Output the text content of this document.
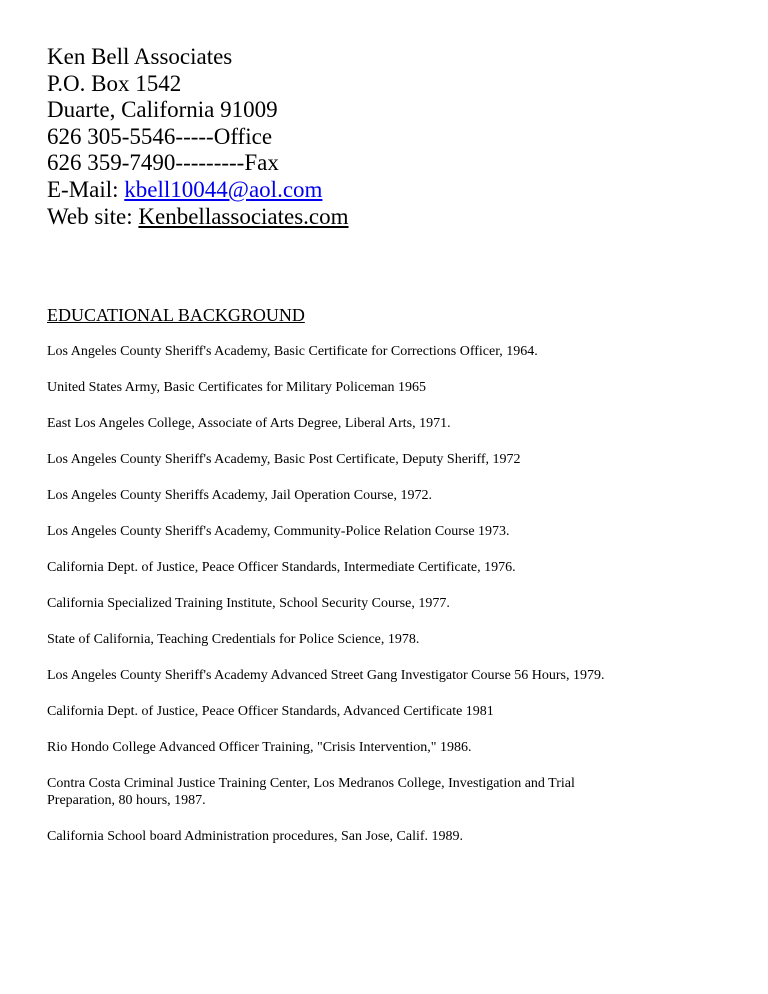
Ken Bell Associates
P.O. Box 1542
Duarte, California 91009
626 305-5546-----Office
626 359-7490---------Fax
E-Mail: kbell10044@aol.com
Web site: Kenbellassociates.com
EDUCATIONAL BACKGROUND

Los Angeles County Sheriff's Academy, Basic Certificate for Corrections Officer, 1964.

United States Army, Basic Certificates for Military Policeman 1965

East Los Angeles College, Associate of Arts Degree, Liberal Arts, 1971.

Los Angeles County Sheriff's Academy, Basic Post Certificate, Deputy Sheriff, 1972

Los Angeles County Sheriffs Academy, Jail Operation Course, 1972.

Los Angeles County Sheriff's Academy, Community-Police Relation Course 1973.

California Dept. of Justice, Peace Officer Standards, Intermediate Certificate, 1976.

California Specialized Training Institute, School Security Course, 1977.

State of California, Teaching Credentials for Police Science, 1978.

Los Angeles County Sheriff's Academy Advanced Street Gang Investigator Course 56 Hours, 1979.

California Dept. of Justice, Peace Officer Standards, Advanced Certificate 1981

Rio Hondo College Advanced Officer Training, "Crisis Intervention," 1986.

Contra Costa Criminal Justice Training Center, Los Medranos College, Investigation and Trial Preparation, 80 hours, 1987.

California School board Administration procedures, San Jose, Calif. 1989.
